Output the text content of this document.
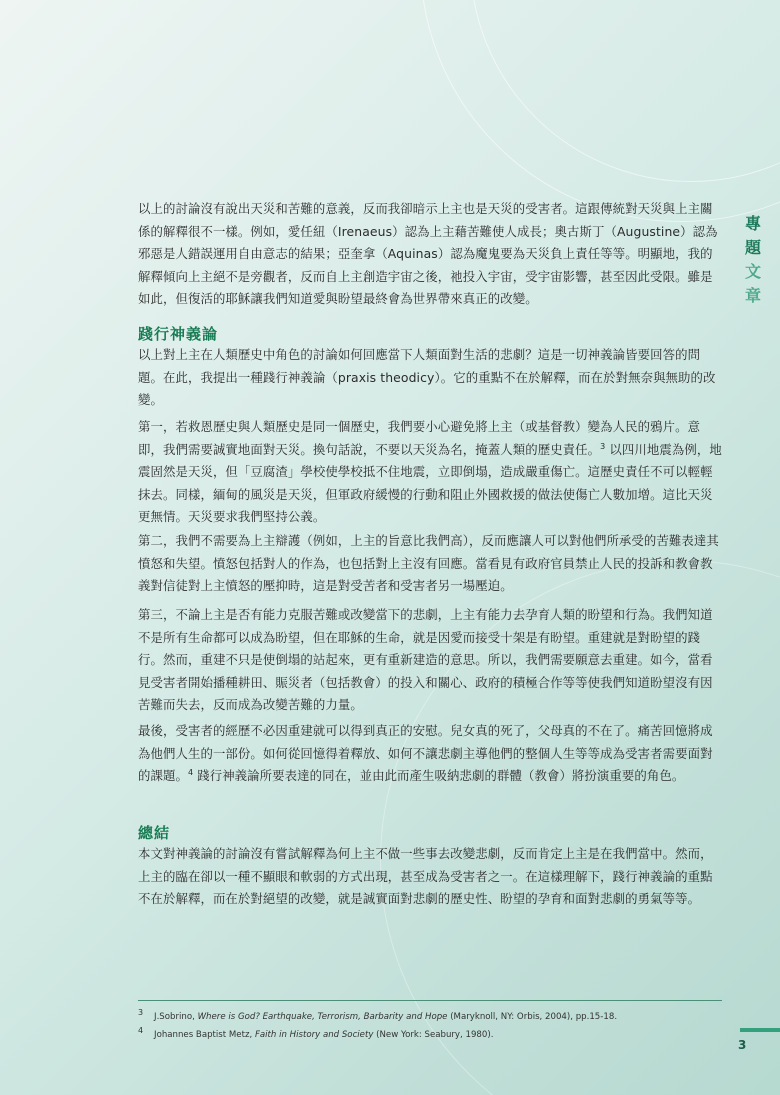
專
題
文
章

以上的討論沒有說出天災和苦難的意義，反而我卻暗示上主也是天災的受害者。這跟傳統對天災與上主關係的解釋很不一樣。例如，愛任紐（Irenaeus）認為上主藉苦難使人成長；奧古斯丁（Augustine）認為邪惡是人錯誤運用自由意志的結果；亞奎拿（Aquinas）認為魔鬼要為天災負上責任等等。明顯地，我的解釋傾向上主絕不是旁觀者，反而自上主創造宇宙之後，祂投入宇宙，受宇宙影響，甚至因此受限。雖是如此，但復活的耶穌讓我們知道愛與盼望最終會為世界帶來真正的改變。

踐行神義論

以上對上主在人類歷史中角色的討論如何回應當下人類面對生活的悲劇？這是一切神義論皆要回答的問題。在此，我提出一種踐行神義論（praxis theodicy）。它的重點不在於解釋，而在於對無奈與無助的改變。

第一，若救恩歷史與人類歷史是同一個歷史，我們要小心避免將上主（或基督教）變為人民的鴉片。意即，我們需要誠實地面對天災。換句話說，不要以天災為名，掩蓋人類的歷史責任。$^3$ 以四川地震為例，地震固然是天災，但「豆腐渣」學校使學校抵不住地震，立即倒塌，造成嚴重傷亡。這歷史責任不可以輕輕抹去。同樣，緬甸的風災是天災，但軍政府緩慢的行動和阻止外國救援的做法使傷亡人數加增。這比天災更無情。天災要求我們堅持公義。

第二，我們不需要為上主辯護（例如，上主的旨意比我們高），反而應讓人可以對他們所承受的苦難表達其憤怒和失望。憤怒包括對人的作為，也包括對上主沒有回應。當看見有政府官員禁止人民的投訴和教會教義對信徒對上主憤怒的壓抑時，這是對受苦者和受害者另一場壓迫。

第三，不論上主是否有能力克服苦難或改變當下的悲劇，上主有能力去孕育人類的盼望和行為。我們知道不是所有生命都可以成為盼望，但在耶穌的生命，就是因愛而接受十架是有盼望。重建就是對盼望的踐行。然而，重建不只是使倒塌的站起來，更有重新建造的意思。所以，我們需要願意去重建。如今，當看見受害者開始播種耕田、賑災者（包括教會）的投入和關心、政府的積極合作等等使我們知道盼望沒有因苦難而失去，反而成為改變苦難的力量。

最後，受害者的經歷不必因重建就可以得到真正的安慰。兒女真的死了，父母真的不在了。痛苦回憶將成為他們人生的一部份。如何從回憶得着釋放、如何不讓悲劇主導他們的整個人生等等成為受害者需要面對的課題。$^4$ 踐行神義論所要表達的同在，並由此而產生吸納悲劇的群體（教會）將扮演重要的角色。

總結

本文對神義論的討論沒有嘗試解釋為何上主不做一些事去改變悲劇，反而肯定上主是在我們當中。然而，上主的臨在卻以一種不顯眼和軟弱的方式出現，甚至成為受害者之一。在這樣理解下，踐行神義論的重點不在於解釋，而在於對絕望的改變，就是誠實面對悲劇的歷史性、盼望的孕育和面對悲劇的勇氣等等。

$^3$ J.Sobrino, Where is God? Earthquake, Terrorism, Barbarity and Hope (Maryknoll, NY: Orbis, 2004), pp.15-18.
$^4$ Johannes Baptist Metz, Faith in History and Society (New York: Seabury, 1980).
3
